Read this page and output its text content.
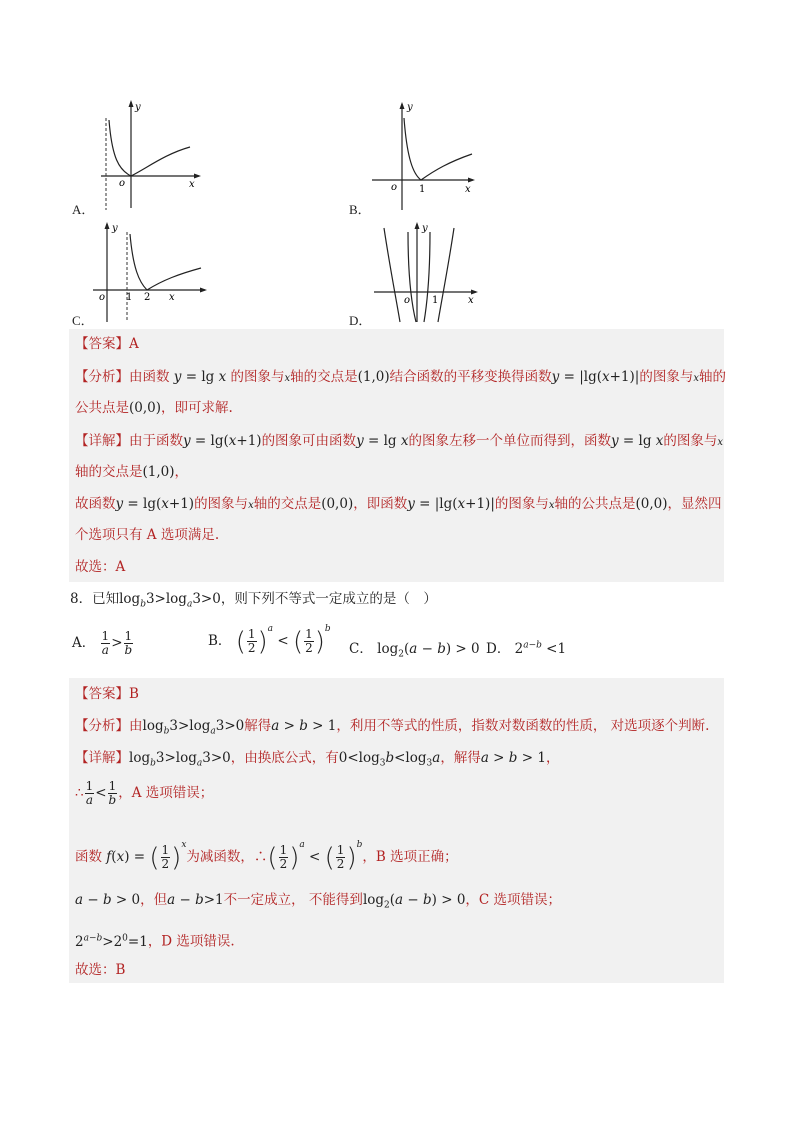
A．
y
o	x
B．
y
o 1	x
C．
y
o 1 2 x
D．
y
o 1	x
【答案】A
【分析】由函数 y = lg x 的图象与x轴的交点是(1,0)结合函数的平移变换得函数y = |lg(x+1)|的图象与x轴的
公共点是(0,0)，即可求解.
【详解】由于函数y = lg(x+1)的图象可由函数y = lg x的图象左移一个单位而得到，函数y = lg x的图象与x
轴的交点是(1,0)，
故函数y = lg(x+1)的图象与x轴的交点是(0,0)，即函数y = |lg(x+1)|的图象与x轴的公共点是(0,0)，显然四
个选项只有 A 选项满足.
故选：A
8．已知$\log_b3>\log_a3>0$，则下列不等式一定成立的是（　）
A． $\frac{1}{a} > \frac{1}{b}$	B． ( $\frac{1}{2} )^a$ < ( $\frac{1}{2} )^b$
C． $\log_2(a - b) > 0$ D． $2^{a-b} <1$
【答案】B
【分析】由$\log_b3>\log_a3>0$解得a > b > 1，利用不等式的性质，指数对数函数的性质， 对选项逐个判断.
【详解】$\log_b3>\log_a3>0$，由换底公式，有$0<\log_3b<\log_3a$，解得a > b > 1，
∴ $\frac{1}{a} < \frac{1}{b}$ ，A 选项错误；
函数 f(x) = ( $\frac{1}{2} )^x$为减函数，∴( $\frac{1}{2} )^a$ < ( $\frac{1}{2} )^b$，B 选项正确；
a − b > 0，但a − b>1不一定成立， 不能得到$\log_2(a - b) > 0$，C 选项错误；
$2^{a-b}>2^0=1$，D 选项错误.
故选：B
